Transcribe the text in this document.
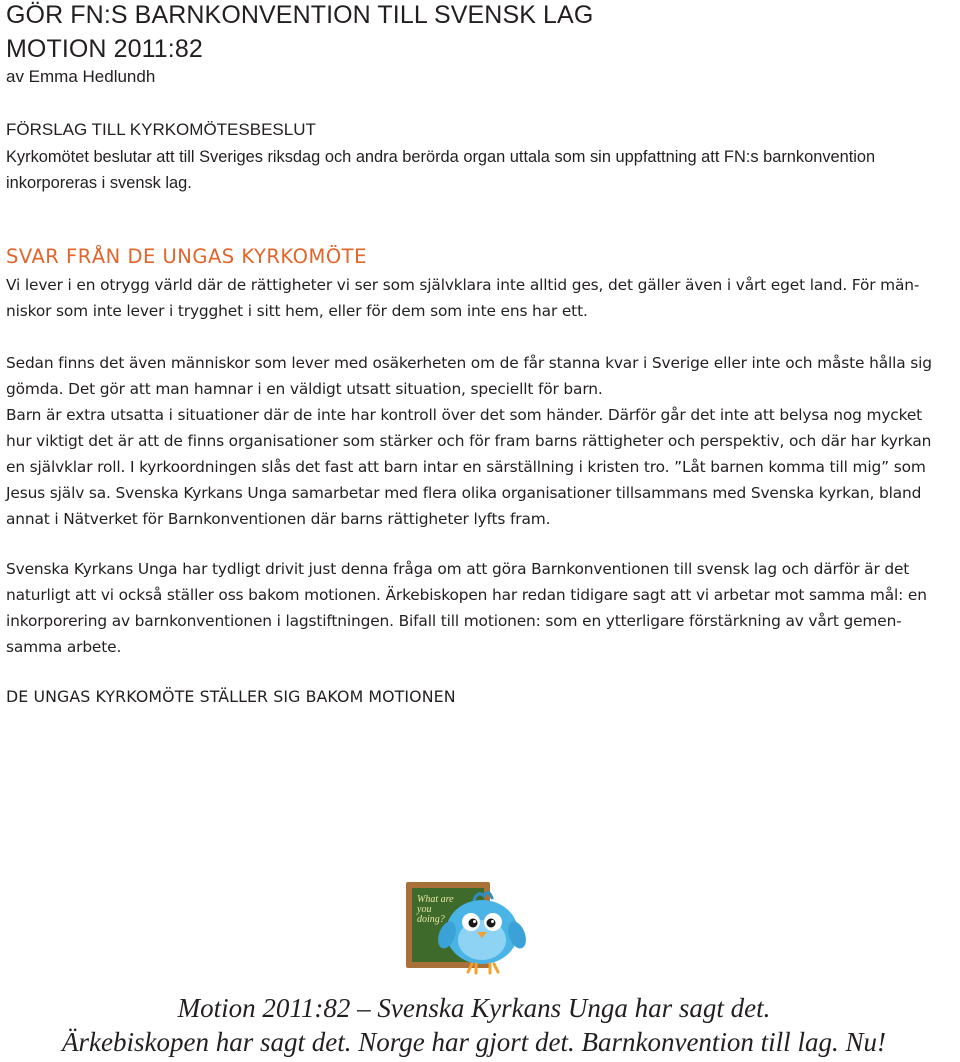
GÖR FN:S BARNKONVENTION TILL SVENSK LAG
MOTION 2011:82
av Emma Hedlundh
FÖRSLAG TILL KYRKOMÖTESBESLUT

Kyrkomötet beslutar att till Sveriges riksdag och andra berörda organ uttala som sin uppfattning att FN:s barnkonvention

inkorporeras i svensk lag.

SVAR FRÅN DE UNGAS KYRKOMÖTE

Vi lever i en otrygg värld där de rättigheter vi ser som självklara inte alltid ges, det gäller även i vårt eget land. För män-

niskor som inte lever i trygghet i sitt hem, eller för dem som inte ens har ett.

Sedan finns det även människor som lever med osäkerheten om de får stanna kvar i Sverige eller inte och måste hålla sig

gömda. Det gör att man hamnar i en väldigt utsatt situation, speciellt för barn.

Barn är extra utsatta i situationer där de inte har kontroll över det som händer. Därför går det inte att belysa nog mycket

hur viktigt det är att de finns organisationer som stärker och för fram barns rättigheter och perspektiv, och där har kyrkan

en självklar roll. I kyrkoordningen slås det fast att barn intar en särställning i kristen tro. ”Låt barnen komma till mig” som

Jesus själv sa. Svenska Kyrkans Unga samarbetar med flera olika organisationer tillsammans med Svenska kyrkan, bland

annat i Nätverket för Barnkonventionen där barns rättigheter lyfts fram.

Svenska Kyrkans Unga har tydligt drivit just denna fråga om att göra Barnkonventionen till svensk lag och därför är det

naturligt att vi också ställer oss bakom motionen. Ärkebiskopen har redan tidigare sagt att vi arbetar mot samma mål: en

inkorporering av barnkonventionen i lagstiftningen. Bifall till motionen: som en ytterligare förstärkning av vårt gemen-

samma arbete.

DE UNGAS KYRKOMÖTE STÄLLER SIG BAKOM MOTIONEN
What are
you
doing?

Motion 2011:82 – Svenska Kyrkans Unga har sagt det.

Ärkebiskopen har sagt det. Norge har gjort det. Barnkonvention till lag. Nu!
